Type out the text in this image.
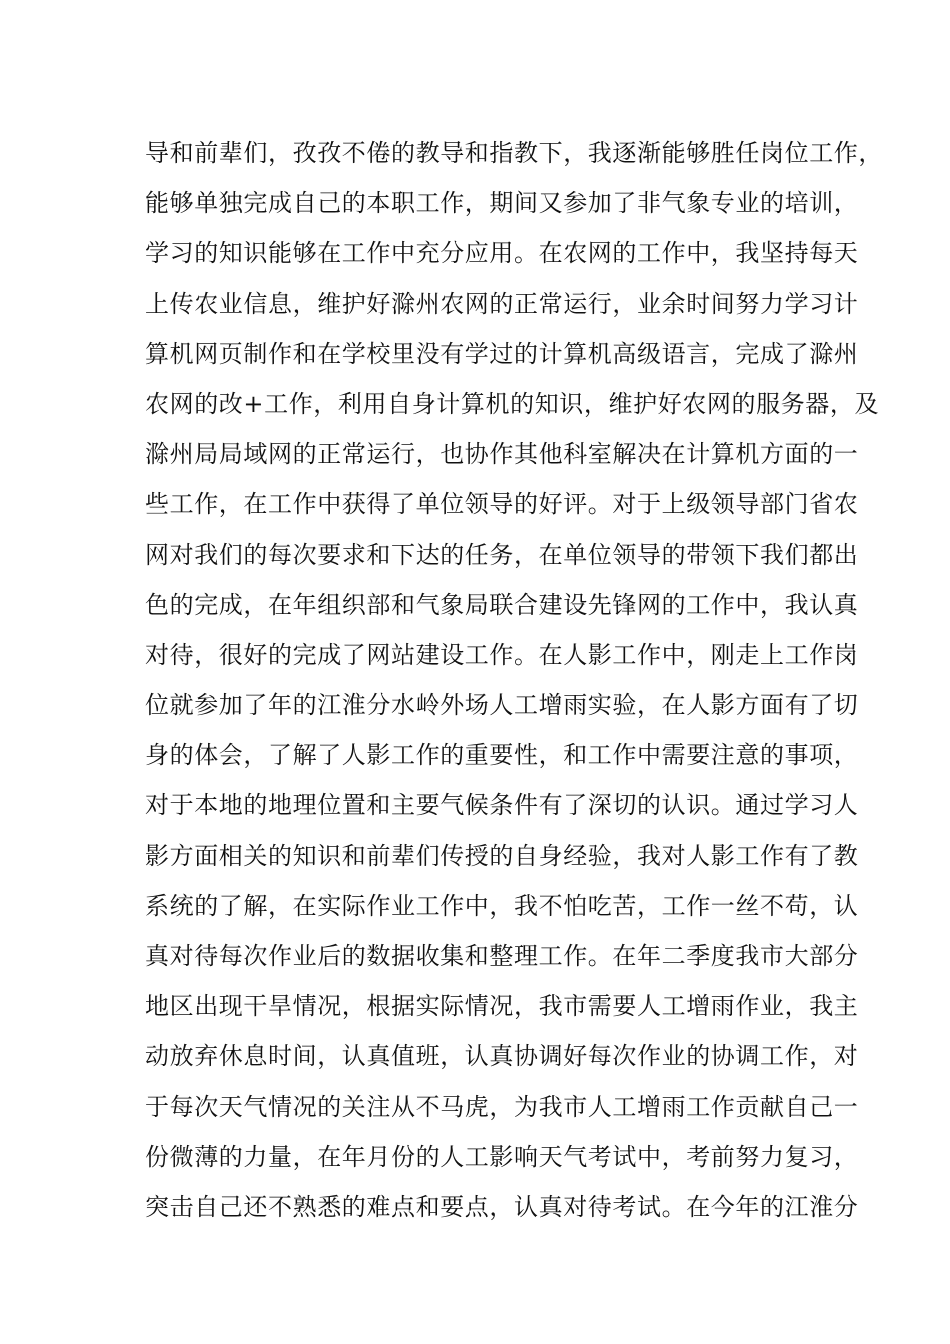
导和前辈们，孜孜不倦的教导和指教下，我逐渐能够胜任岗位工作，
能够单独完成自己的本职工作，期间又参加了非气象专业的培训，
学习的知识能够在工作中充分应用。在农网的工作中，我坚持每天
上传农业信息，维护好滁州农网的正常运行，业余时间努力学习计
算机网页制作和在学校里没有学过的计算机高级语言，完成了滁州
农网的改+工作，利用自身计算机的知识，维护好农网的服务器，及
滁州局局域网的正常运行，也协作其他科室解决在计算机方面的一
些工作，在工作中获得了单位领导的好评。对于上级领导部门省农
网对我们的每次要求和下达的任务，在单位领导的带领下我们都出
色的完成，在年组织部和气象局联合建设先锋网的工作中，我认真
对待，很好的完成了网站建设工作。在人影工作中，刚走上工作岗
位就参加了年的江淮分水岭外场人工增雨实验，在人影方面有了切
身的体会，了解了人影工作的重要性，和工作中需要注意的事项，
对于本地的地理位置和主要气候条件有了深切的认识。通过学习人
影方面相关的知识和前辈们传授的自身经验，我对人影工作有了教
系统的了解，在实际作业工作中，我不怕吃苦，工作一丝不苟，认
真对待每次作业后的数据收集和整理工作。在年二季度我市大部分
地区出现干旱情况，根据实际情况，我市需要人工增雨作业，我主
动放弃休息时间，认真值班，认真协调好每次作业的协调工作，对
于每次天气情况的关注从不马虎，为我市人工增雨工作贡献自己一
份微薄的力量，在年月份的人工影响天气考试中，考前努力复习，
突击自己还不熟悉的难点和要点，认真对待考试。在今年的江淮分
